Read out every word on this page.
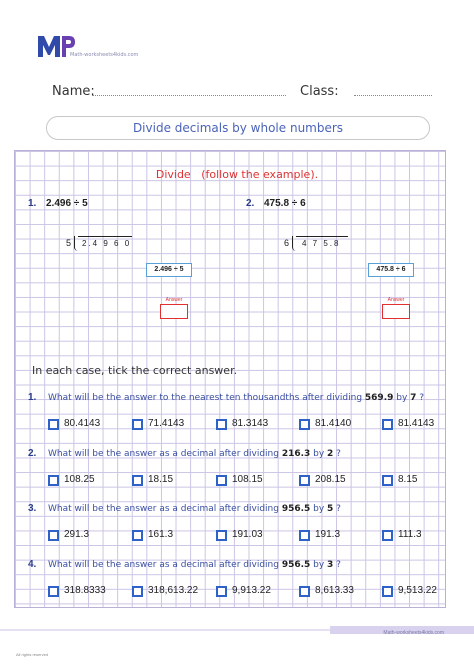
Math-worksheets4kids.com
Name:	Class:
Divide decimals by whole numbers
Divide (follow the example).
1. 2.496 ÷ 5
5 2.4 9 6 0
2.496 ÷ 5
Answer
2. 475.8 ÷ 6
6 4 7 5.8
475.8 ÷ 6
Answer
In each case, tick the correct answer.
1. What will be the answer to the nearest ten thousandths after dividing 569.9 by 7 ?
80.4143	71.4143	81.3143	81.4140	81.4143
2. What will be the answer as a decimal after dividing 216.3 by 2 ?
108.25	18.15	108.15	208.15	8.15
3. What will be the answer as a decimal after dividing 956.5 by 5 ?
291.3	161.3	191.03	191.3	111.3
4. What will be the answer as a decimal after dividing 956.5 by 3 ?
318.8333	318,613.22	9,913.22	8,613.33	9,513.22
Math-worksheets4kids.com
All rights reserved
